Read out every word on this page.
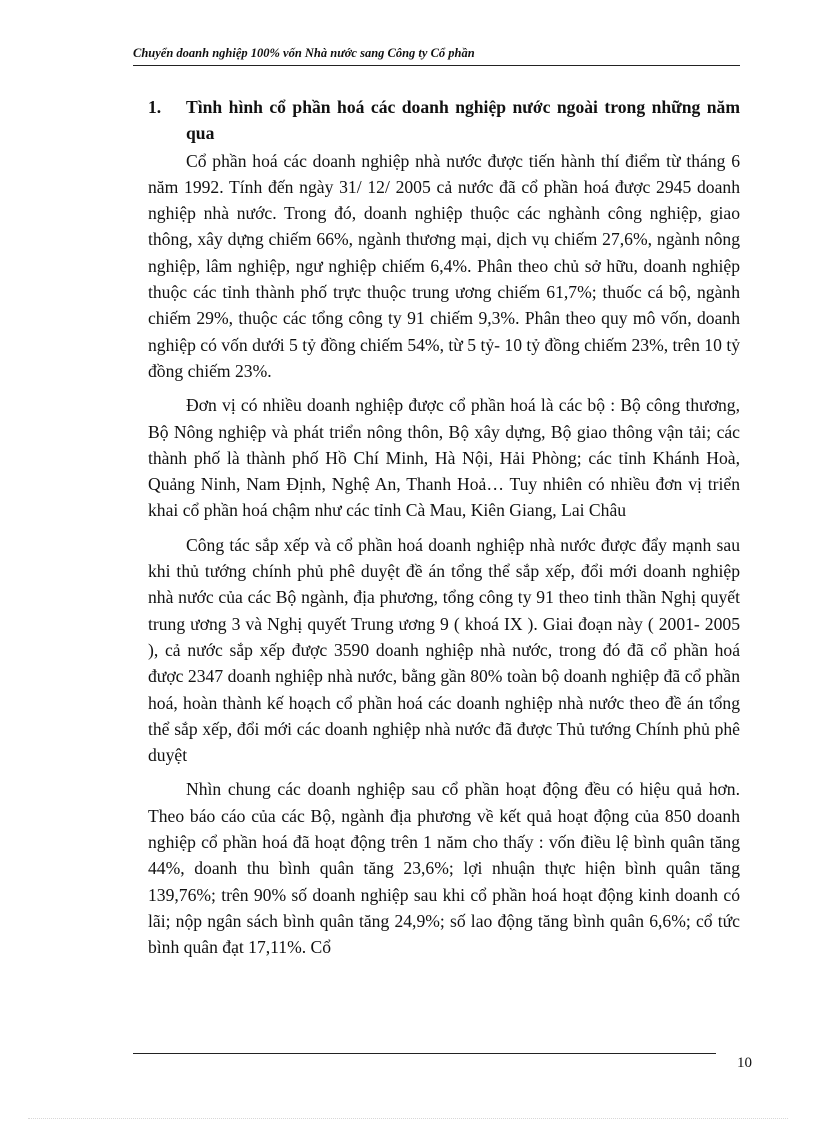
Chuyển doanh nghiệp 100% vốn Nhà nước sang Công ty Cổ phần

1. Tình hình cổ phần hoá các doanh nghiệp nước ngoài trong những năm qua

Cổ phần hoá các doanh nghiệp nhà nước được tiến hành thí điểm từ tháng 6 năm 1992. Tính đến ngày 31/ 12/ 2005 cả nước đã cổ phần hoá được 2945 doanh nghiệp nhà nước. Trong đó, doanh nghiệp thuộc các nghành công nghiệp, giao thông, xây dựng chiếm 66%, ngành thương mại, dịch vụ chiếm 27,6%, ngành nông nghiệp, lâm nghiệp, ngư nghiệp chiếm 6,4%. Phân theo chủ sở hữu, doanh nghiệp thuộc các tỉnh thành phố trực thuộc trung ương chiếm 61,7%; thuốc cá bộ, ngành chiếm 29%, thuộc các tổng công ty 91 chiếm 9,3%. Phân theo quy mô vốn, doanh nghiệp có vốn dưới 5 tỷ đồng chiếm 54%, từ 5 tỷ- 10 tỷ đồng chiếm 23%, trên 10 tỷ đồng chiếm 23%.

Đơn vị có nhiều doanh nghiệp được cổ phần hoá là các bộ : Bộ công thương, Bộ Nông nghiệp và phát triển nông thôn, Bộ xây dựng, Bộ giao thông vận tải; các thành phố là thành phố Hồ Chí Minh, Hà Nội, Hải Phòng; các tỉnh Khánh Hoà, Quảng Ninh, Nam Định, Nghệ An, Thanh Hoả… Tuy nhiên có nhiều đơn vị triển khai cổ phần hoá chậm như các tỉnh Cà Mau, Kiên Giang, Lai Châu

Công tác sắp xếp và cổ phần hoá doanh nghiệp nhà nước được đẩy mạnh sau khi thủ tướng chính phủ phê duyệt đề án tổng thể sắp xếp, đổi mới doanh nghiệp nhà nước của các Bộ ngành, địa phương, tổng công ty 91 theo tinh thần Nghị quyết trung ương 3 và Nghị quyết Trung ương 9 ( khoá IX ). Giai đoạn này ( 2001- 2005 ), cả nước sắp xếp được 3590 doanh nghiệp nhà nước, trong đó đã cổ phần hoá được 2347 doanh nghiệp nhà nước, bằng gần 80% toàn bộ doanh nghiệp đã cổ phần hoá, hoàn thành kế hoạch cổ phần hoá các doanh nghiệp nhà nước theo đề án tổng thể sắp xếp, đổi mới các doanh nghiệp nhà nước đã được Thủ tướng Chính phủ phê duyệt

Nhìn chung các doanh nghiệp sau cổ phần hoạt động đều có hiệu quả hơn. Theo báo cáo của các Bộ, ngành địa phương về kết quả hoạt động của 850 doanh nghiệp cổ phần hoá đã hoạt động trên 1 năm cho thấy : vốn điều lệ bình quân tăng 44%, doanh thu bình quân tăng 23,6%; lợi nhuận thực hiện bình quân tăng 139,76%; trên 90% số doanh nghiệp sau khi cổ phần hoá hoạt động kinh doanh có lãi; nộp ngân sách bình quân tăng 24,9%; số lao động tăng bình quân 6,6%; cổ tức bình quân đạt 17,11%. Cổ

10
